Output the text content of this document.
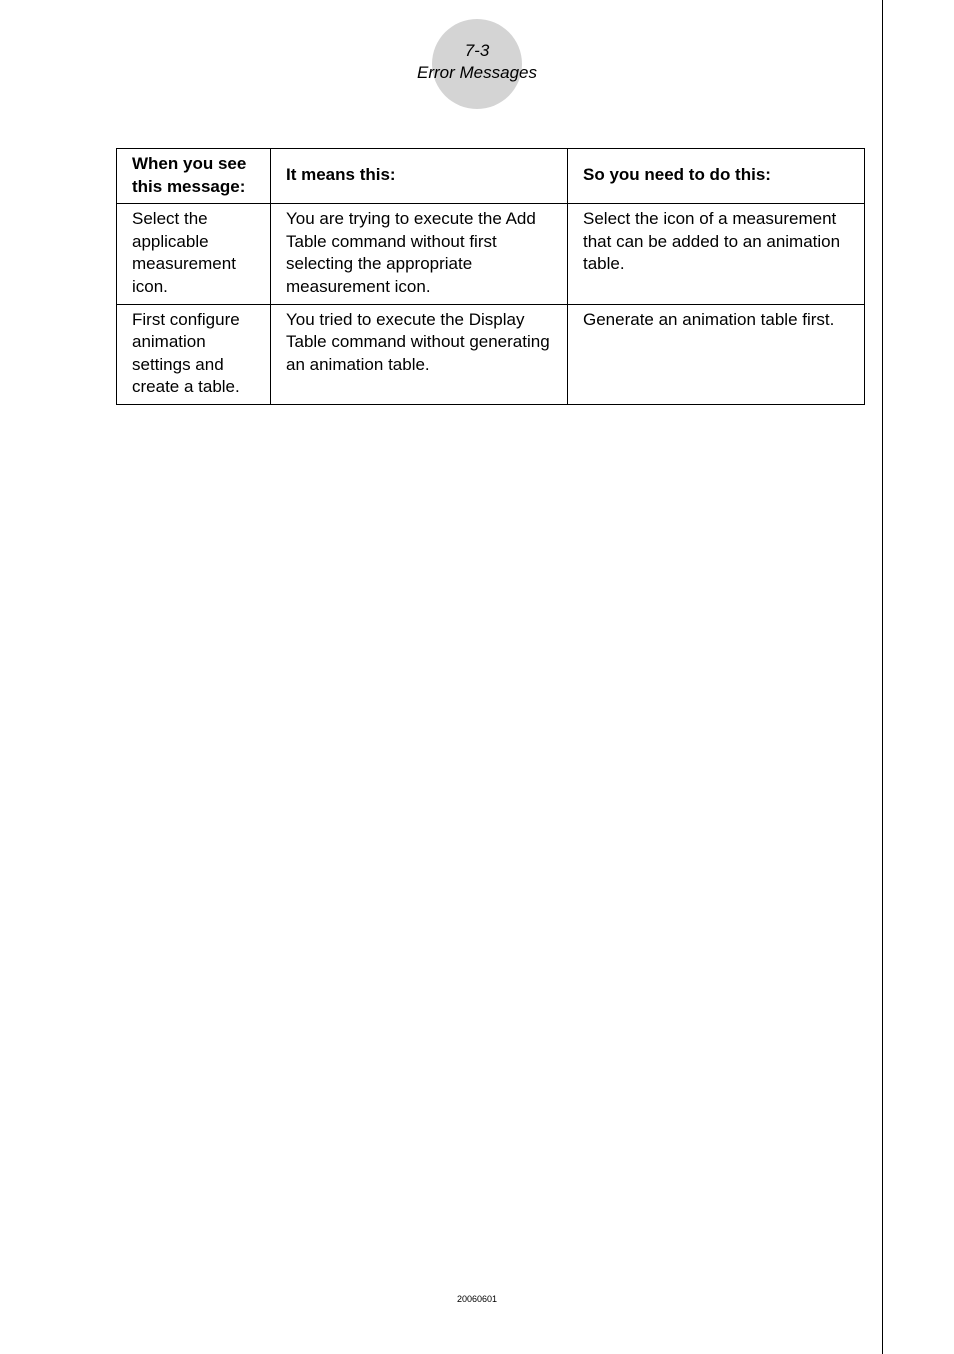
7-3
Error Messages
When you see this message:	It means this:	So you need to do this:
Select the applicable measurement icon.	You are trying to execute the Add Table command without first selecting the appropriate measurement icon.	Select the icon of a measurement that can be added to an animation table.
First configure animation settings and create a table.	You tried to execute the Display Table command without generating an animation table.	Generate an animation table first.
20060601
